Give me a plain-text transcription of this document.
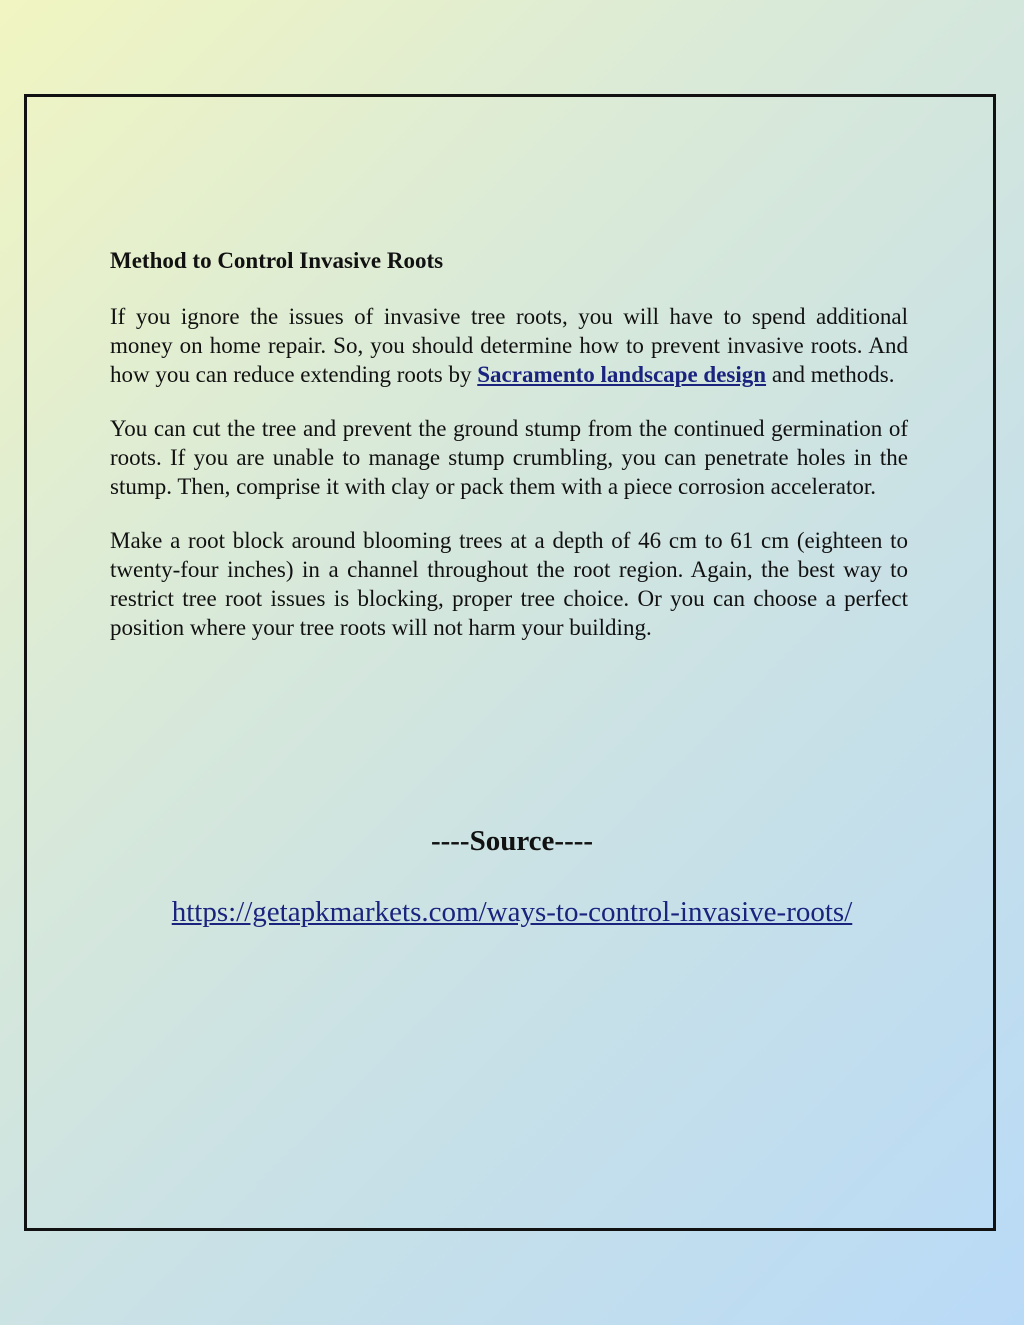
Method to Control Invasive Roots

If you ignore the issues of invasive tree roots, you will have to spend additional money on home repair. So, you should determine how to prevent invasive roots. And how you can reduce extending roots by Sacramento landscape design and methods.

You can cut the tree and prevent the ground stump from the continued germination of roots. If you are unable to manage stump crumbling, you can penetrate holes in the stump. Then, comprise it with clay or pack them with a piece corrosion accelerator.

Make a root block around blooming trees at a depth of 46 cm to 61 cm (eighteen to twenty-four inches) in a channel throughout the root region. Again, the best way to restrict tree root issues is blocking, proper tree choice. Or you can choose a perfect position where your tree roots will not harm your building.

----Source----

https://getapkmarkets.com/ways-to-control-invasive-roots/
